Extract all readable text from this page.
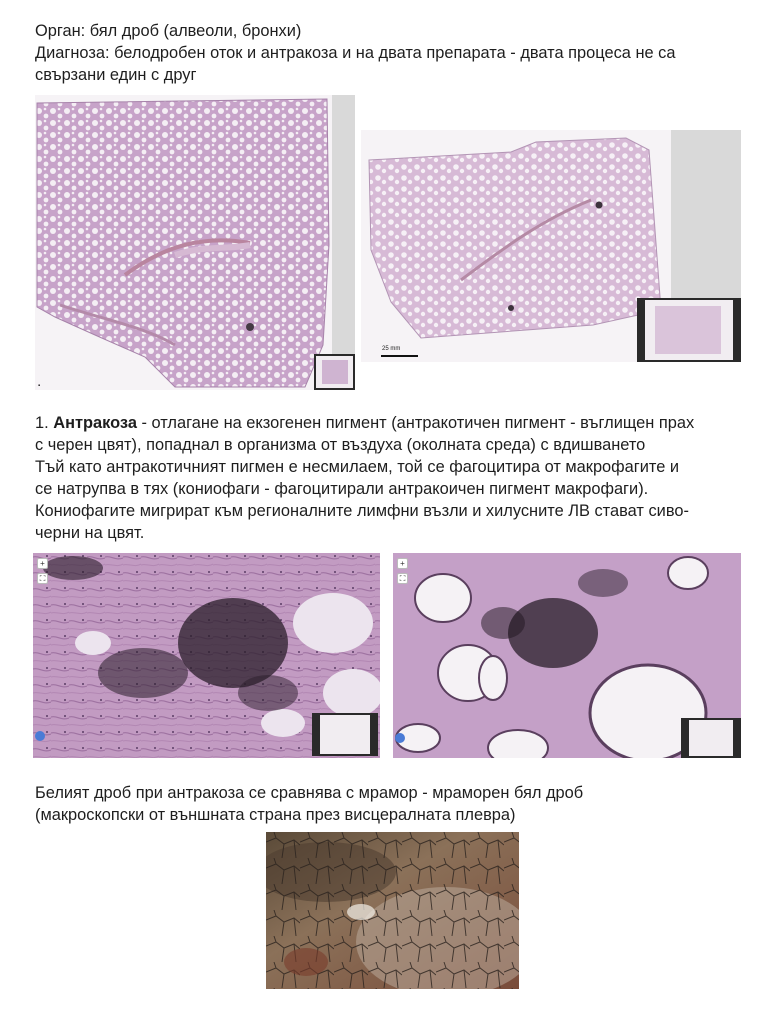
Орган: бял дроб (алвеоли, бронхи)
Диагноза: белодробен оток и антракоза и на двата препарата - двата процеса не са
свързани един с друг
▪
25 mm
1. Антракоза - отлагане на екзогенен пигмент (антракотичен пигмент - въглищен прах
с черен цвят), попаднал в организма от въздуха (околната среда) с вдишването
Тъй като антракотичният пигмен е несмилаем, той се фагоцитира от макрофагите и
се натрупва в тях (кониофаги - фагоцитирали антракоичен пигмент макрофаги).
Кониофагите мигрират към регионалните лимфни възли и хилусните ЛВ стават сиво-
черни на цвят.
+
⛶
+
⛶
Белият дроб при антракоза се сравнява с мрамор - мраморен бял дроб
(макроскопски от външната страна през висцералната плевра)
